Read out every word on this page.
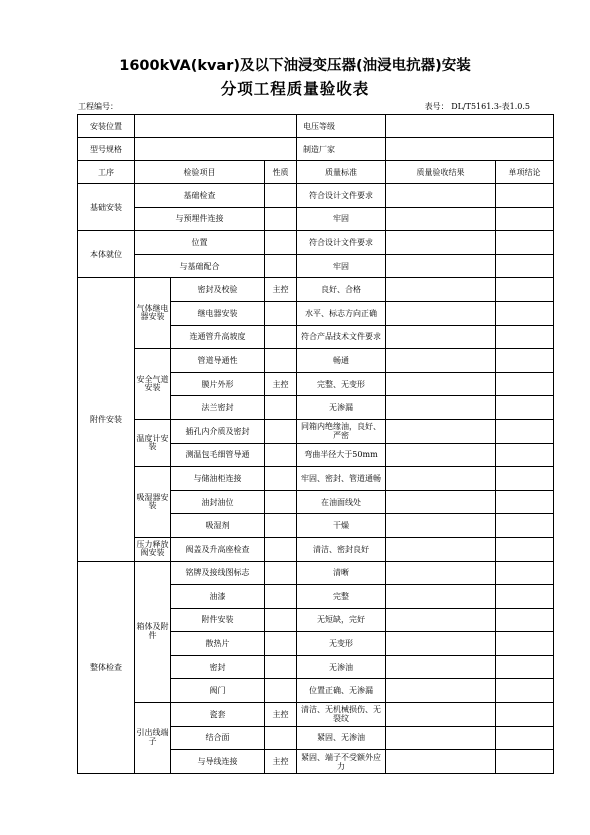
1600kVA(kvar)及以下油浸变压器(油浸电抗器)安装
分项工程质量验收表
工程编号：	表号： DL/T5161.3-表1.0.5
安装位置				电压等级		
型号规格				制造厂家		
工序	检验项目		性质	质量标准	质量验收结果	单项结论
基础安装	基础检查			符合设计文件要求		
	与预埋件连接			牢固		
本体就位	位置			符合设计文件要求		
	与基础配合			牢固		
附件安装	气体继电器安装	密封及校验	主控	良好、合格		
		继电器安装		水平、标志方向正确		
		连通管升高坡度		符合产品技术文件要求		
	安全气道安装	管道导通性		畅通		
		膜片外形	主控	完整、无变形		
		法兰密封		无渗漏		
	温度计安装	插孔内介质及密封		同箱内绝缘油，良好、严密		
		测温包毛细管导通		弯曲半径大于50mm		
	吸湿器安装	与储油柜连接		牢固、密封、管道通畅		
		油封油位		在油面线处		
		吸湿剂		干燥		
	压力释放阀安装	阀盖及升高座检查		清洁、密封良好		
整体检查	箱体及附件	铭牌及接线图标志		清晰		
		油漆		完整		
		附件安装		无短缺，完好		
		散热片		无变形		
		密封		无渗油		
		阀门		位置正确、无渗漏		
	引出线端子	瓷套	主控	清洁、无机械损伤、无裂纹		
		结合面		紧固、无渗油		
		与导线连接	主控	紧固、端子不受额外应力		
